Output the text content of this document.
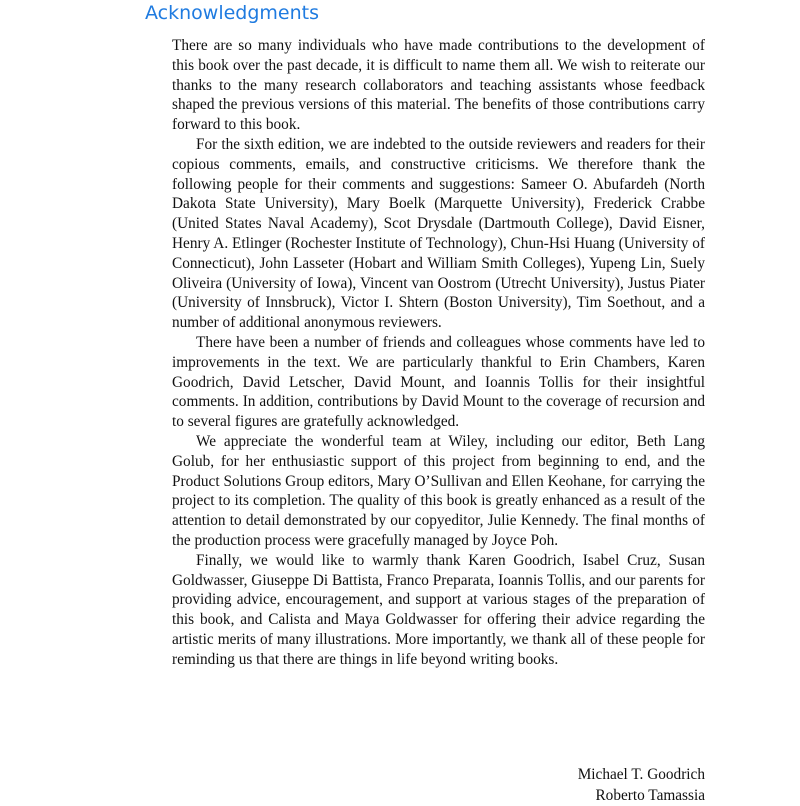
Acknowledgments

There are so many individuals who have made contributions to the development of this book over the past decade, it is difficult to name them all. We wish to reiterate our thanks to the many research collaborators and teaching assistants whose feedback shaped the previous versions of this material. The benefits of those contributions carry forward to this book.

For the sixth edition, we are indebted to the outside reviewers and readers for their copious comments, emails, and constructive criticisms. We therefore thank the following people for their comments and suggestions: Sameer O. Abufardeh (North Dakota State University), Mary Boelk (Marquette University), Frederick Crabbe (United States Naval Academy), Scot Drysdale (Dartmouth College), David Eisner, Henry A. Etlinger (Rochester Institute of Technology), Chun-Hsi Huang (University of Connecticut), John Lasseter (Hobart and William Smith Colleges), Yupeng Lin, Suely Oliveira (University of Iowa), Vincent van Oostrom (Utrecht University), Justus Piater (University of Innsbruck), Victor I. Shtern (Boston University), Tim Soethout, and a number of additional anonymous reviewers.

There have been a number of friends and colleagues whose comments have led to improvements in the text. We are particularly thankful to Erin Chambers, Karen Goodrich, David Letscher, David Mount, and Ioannis Tollis for their insightful comments. In addition, contributions by David Mount to the coverage of recursion and to several figures are gratefully acknowledged.

We appreciate the wonderful team at Wiley, including our editor, Beth Lang Golub, for her enthusiastic support of this project from beginning to end, and the Product Solutions Group editors, Mary O’Sullivan and Ellen Keohane, for carrying the project to its completion. The quality of this book is greatly enhanced as a result of the attention to detail demonstrated by our copyeditor, Julie Kennedy. The final months of the production process were gracefully managed by Joyce Poh.

Finally, we would like to warmly thank Karen Goodrich, Isabel Cruz, Susan Goldwasser, Giuseppe Di Battista, Franco Preparata, Ioannis Tollis, and our parents for providing advice, encouragement, and support at various stages of the preparation of this book, and Calista and Maya Goldwasser for offering their advice regarding the artistic merits of many illustrations. More importantly, we thank all of these people for reminding us that there are things in life beyond writing books.

Michael T. Goodrich
Roberto Tamassia
